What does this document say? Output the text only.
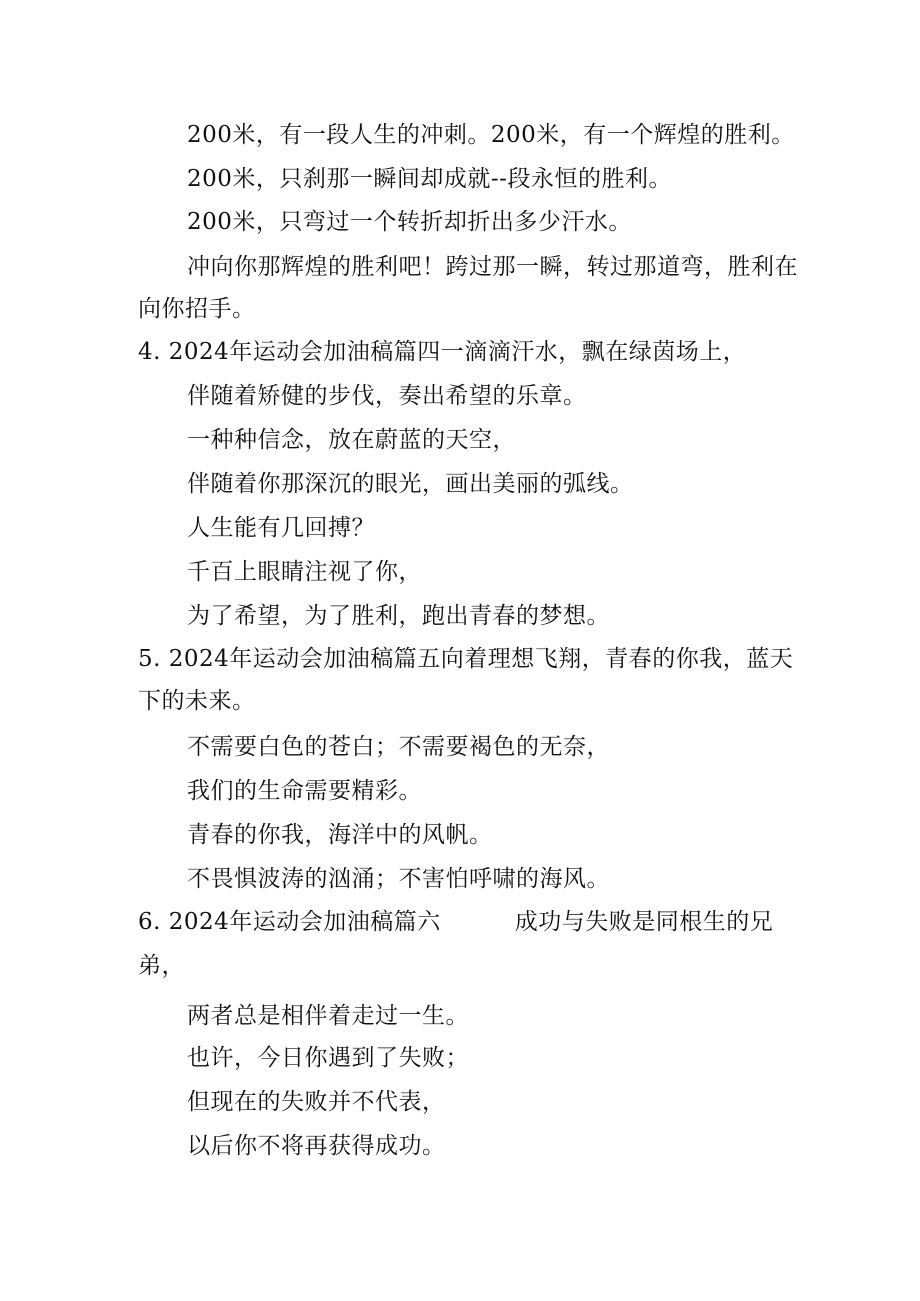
200米，有一段人生的冲刺。200米，有一个辉煌的胜利。
200米，只刹那一瞬间却成就--段永恒的胜利。
200米，只弯过一个转折却折出多少汗水。
冲向你那辉煌的胜利吧！跨过那一瞬，转过那道弯，胜利在
向你招手。
4. 2024年运动会加油稿篇四一滴滴汗水，飘在绿茵场上，
伴随着矫健的步伐，奏出希望的乐章。
一种种信念，放在蔚蓝的天空，
伴随着你那深沉的眼光，画出美丽的弧线。
人生能有几回搏？
千百上眼睛注视了你，
为了希望，为了胜利，跑出青春的梦想。
5. 2024年运动会加油稿篇五向着理想飞翔，青春的你我，蓝天
下的未来。
不需要白色的苍白；不需要褐色的无奈，
我们的生命需要精彩。
青春的你我，海洋中的风帆。
不畏惧波涛的汹涌；不害怕呼啸的海风。
6. 2024年运动会加油稿篇六	成功与失败是同根生的兄
弟，
两者总是相伴着走过一生。
也许，今日你遇到了失败；
但现在的失败并不代表，
以后你不将再获得成功。
